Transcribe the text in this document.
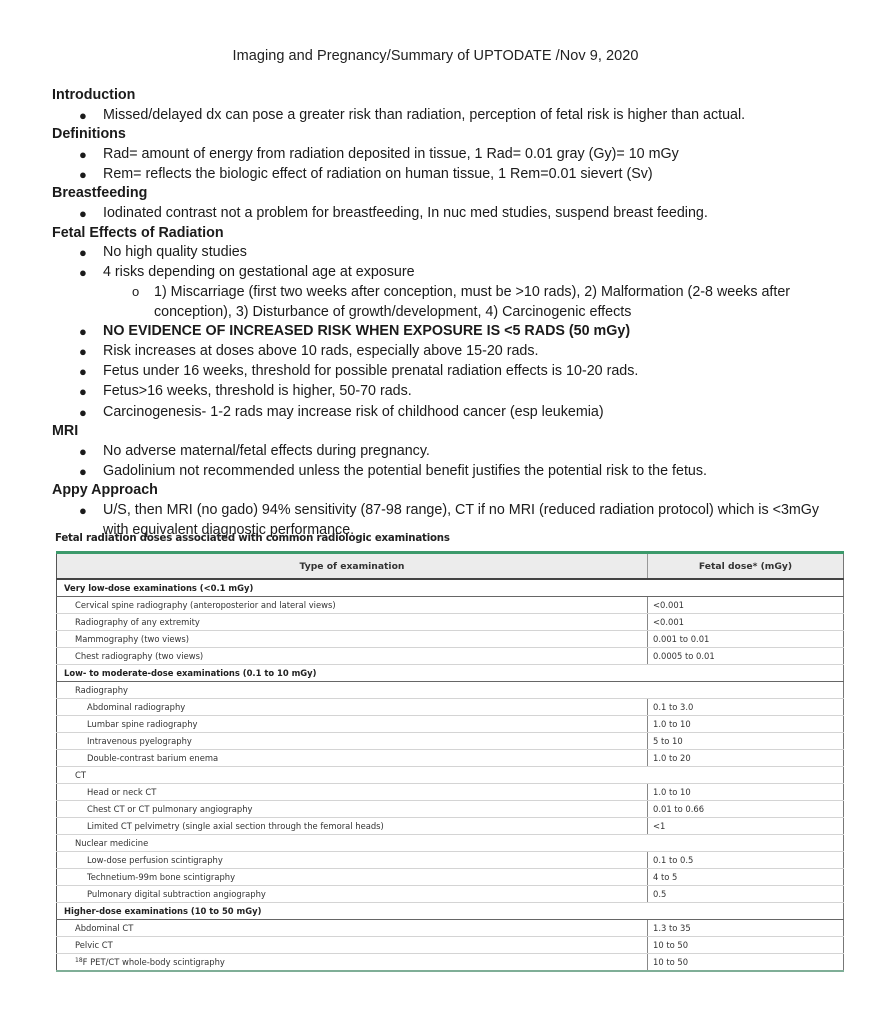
Imaging and Pregnancy/Summary of UPTODATE /Nov 9, 2020
Introduction
● Missed/delayed dx can pose a greater risk than radiation, perception of fetal risk is higher than actual.
Definitions
● Rad= amount of energy from radiation deposited in tissue, 1 Rad= 0.01 gray (Gy)= 10 mGy
● Rem= reflects the biologic effect of radiation on human tissue, 1 Rem=0.01 sievert (Sv)
Breastfeeding
● Iodinated contrast not a problem for breastfeeding, In nuc med studies, suspend breast feeding.
Fetal Effects of Radiation
● No high quality studies
● 4 risks depending on gestational age at exposure
o 1) Miscarriage (first two weeks after conception, must be >10 rads), 2) Malformation (2-8 weeks after conception), 3) Disturbance of growth/development, 4) Carcinogenic effects
● NO EVIDENCE OF INCREASED RISK WHEN EXPOSURE IS <5 RADS (50 mGy)
● Risk increases at doses above 10 rads, especially above 15-20 rads.
● Fetus under 16 weeks, threshold for possible prenatal radiation effects is 10-20 rads.
● Fetus>16 weeks, threshold is higher, 50-70 rads.
● Carcinogenesis- 1-2 rads may increase risk of childhood cancer (esp leukemia)
MRI
● No adverse maternal/fetal effects during pregnancy.
● Gadolinium not recommended unless the potential benefit justifies the potential risk to the fetus.
Appy Approach
● U/S, then MRI (no gado) 94% sensitivity (87-98 range), CT if no MRI (reduced radiation protocol) which is <3mGy with equivalent diagnostic performance.
Fetal radiation doses associated with common radiologic examinations
Type of examination	Fetal dose* (mGy)
Very low-dose examinations (<0.1 mGy)	
Cervical spine radiography (anteroposterior and lateral views)	<0.001
Radiography of any extremity	<0.001
Mammography (two views)	0.001 to 0.01
Chest radiography (two views)	0.0005 to 0.01
Low- to moderate-dose examinations (0.1 to 10 mGy)	
Radiography	
Abdominal radiography	0.1 to 3.0
Lumbar spine radiography	1.0 to 10
Intravenous pyelography	5 to 10
Double-contrast barium enema	1.0 to 20
CT	
Head or neck CT	1.0 to 10
Chest CT or CT pulmonary angiography	0.01 to 0.66
Limited CT pelvimetry (single axial section through the femoral heads)	<1
Nuclear medicine	
Low-dose perfusion scintigraphy	0.1 to 0.5
Technetium-99m bone scintigraphy	4 to 5
Pulmonary digital subtraction angiography	0.5
Higher-dose examinations (10 to 50 mGy)	
Abdominal CT	1.3 to 35
Pelvic CT	10 to 50
$^{18}$F PET/CT whole-body scintigraphy	10 to 50
